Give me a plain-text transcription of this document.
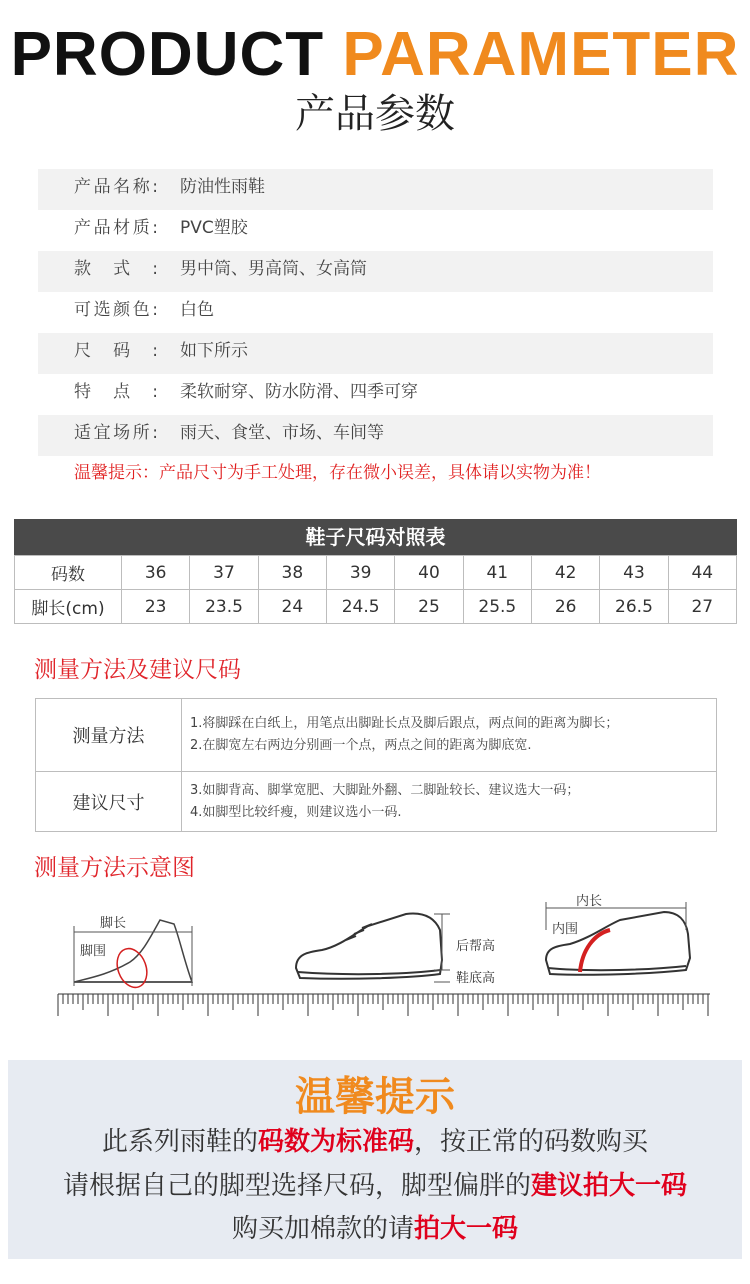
PRODUCT PARAMETER
产品参数
产品名称:	防油性雨鞋
产品材质:	PVC塑胶
款式:	男中筒、男高筒、女高筒
可选颜色:	白色
尺码:	如下所示
特点:	柔软耐穿、防水防滑、四季可穿
适宜场所:	雨天、食堂、市场、车间等
温馨提示：产品尺寸为手工处理，存在微小误差，具体请以实物为准！
鞋子尺码对照表
码数	36	37	38	39	40	41	42	43	44
脚长(cm)	23	23.5	24	24.5	25	25.5	26	26.5	27
测量方法及建议尺码
测量方法	1.将脚踩在白纸上，用笔点出脚趾长点及脚后跟点，两点间的距离为脚长；
2.在脚宽左右两边分别画一个点，两点之间的距离为脚底宽.

建议尺寸	3.如脚背高、脚掌宽肥、大脚趾外翻、二脚趾较长、建议选大一码；
4.如脚型比较纤瘦，则建议选小一码.
测量方法示意图
脚长
脚围	后帮高
鞋底高
内长
内围
温馨提示
此系列雨鞋的码数为标准码，按正常的码数购买
请根据自己的脚型选择尺码，脚型偏胖的建议拍大一码
购买加棉款的请拍大一码
